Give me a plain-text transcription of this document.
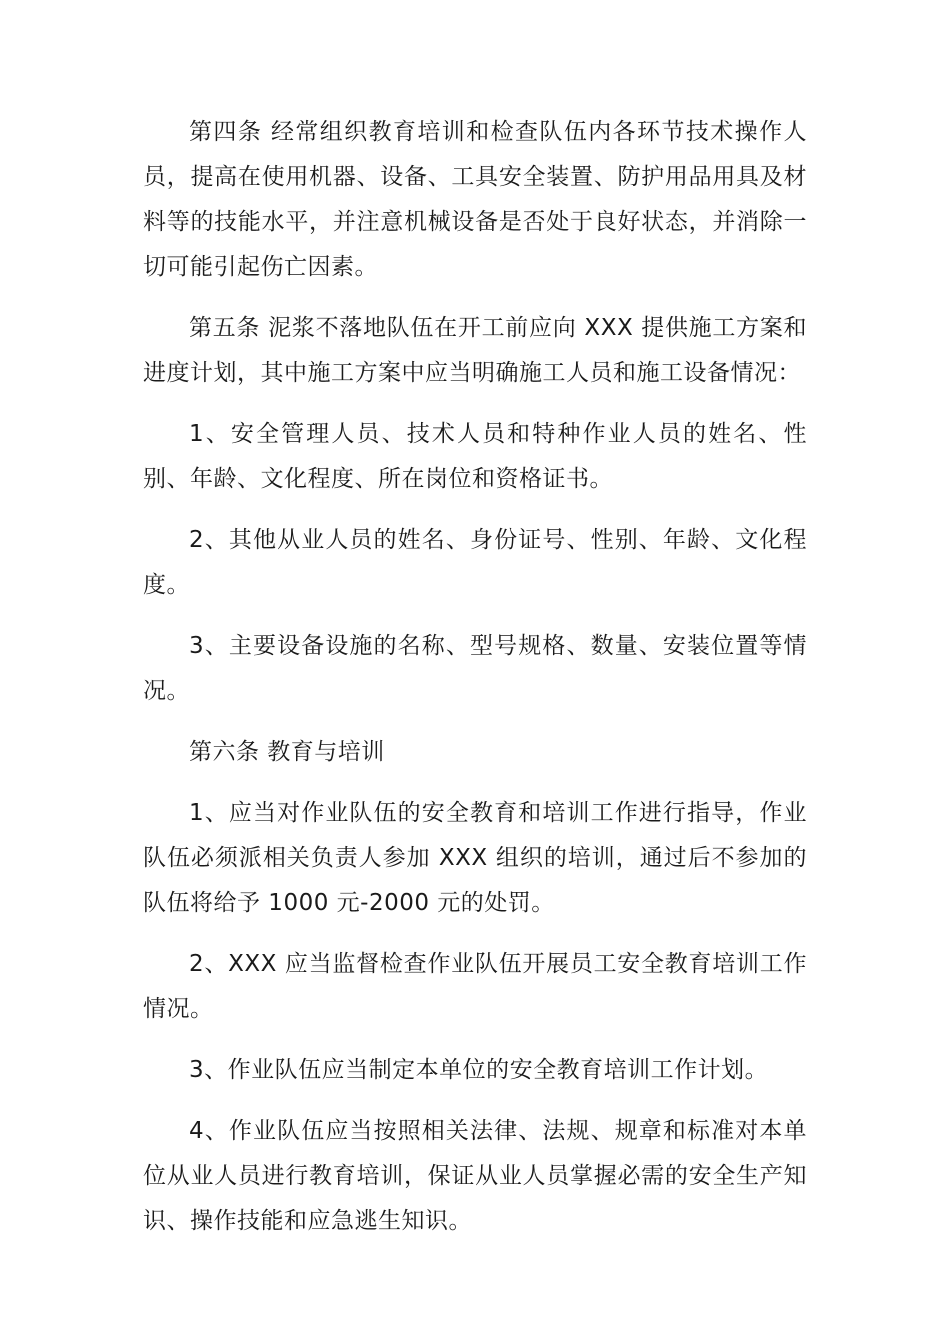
第四条 经常组织教育培训和检查队伍内各环节技术操作人员，提高在使用机器、设备、工具安全装置、防护用品用具及材料等的技能水平，并注意机械设备是否处于良好状态，并消除一切可能引起伤亡因素。

第五条 泥浆不落地队伍在开工前应向 XXX 提供施工方案和进度计划，其中施工方案中应当明确施工人员和施工设备情况：

1、安全管理人员、技术人员和特种作业人员的姓名、性别、年龄、文化程度、所在岗位和资格证书。

2、其他从业人员的姓名、身份证号、性别、年龄、文化程度。

3、主要设备设施的名称、型号规格、数量、安装位置等情况。

第六条 教育与培训

1、应当对作业队伍的安全教育和培训工作进行指导，作业队伍必须派相关负责人参加 XXX 组织的培训，通过后不参加的队伍将给予 1000 元-2000 元的处罚。

2、XXX 应当监督检查作业队伍开展员工安全教育培训工作情况。

3、作业队伍应当制定本单位的安全教育培训工作计划。

4、作业队伍应当按照相关法律、法规、规章和标准对本单位从业人员进行教育培训，保证从业人员掌握必需的安全生产知识、操作技能和应急逃生知识。
